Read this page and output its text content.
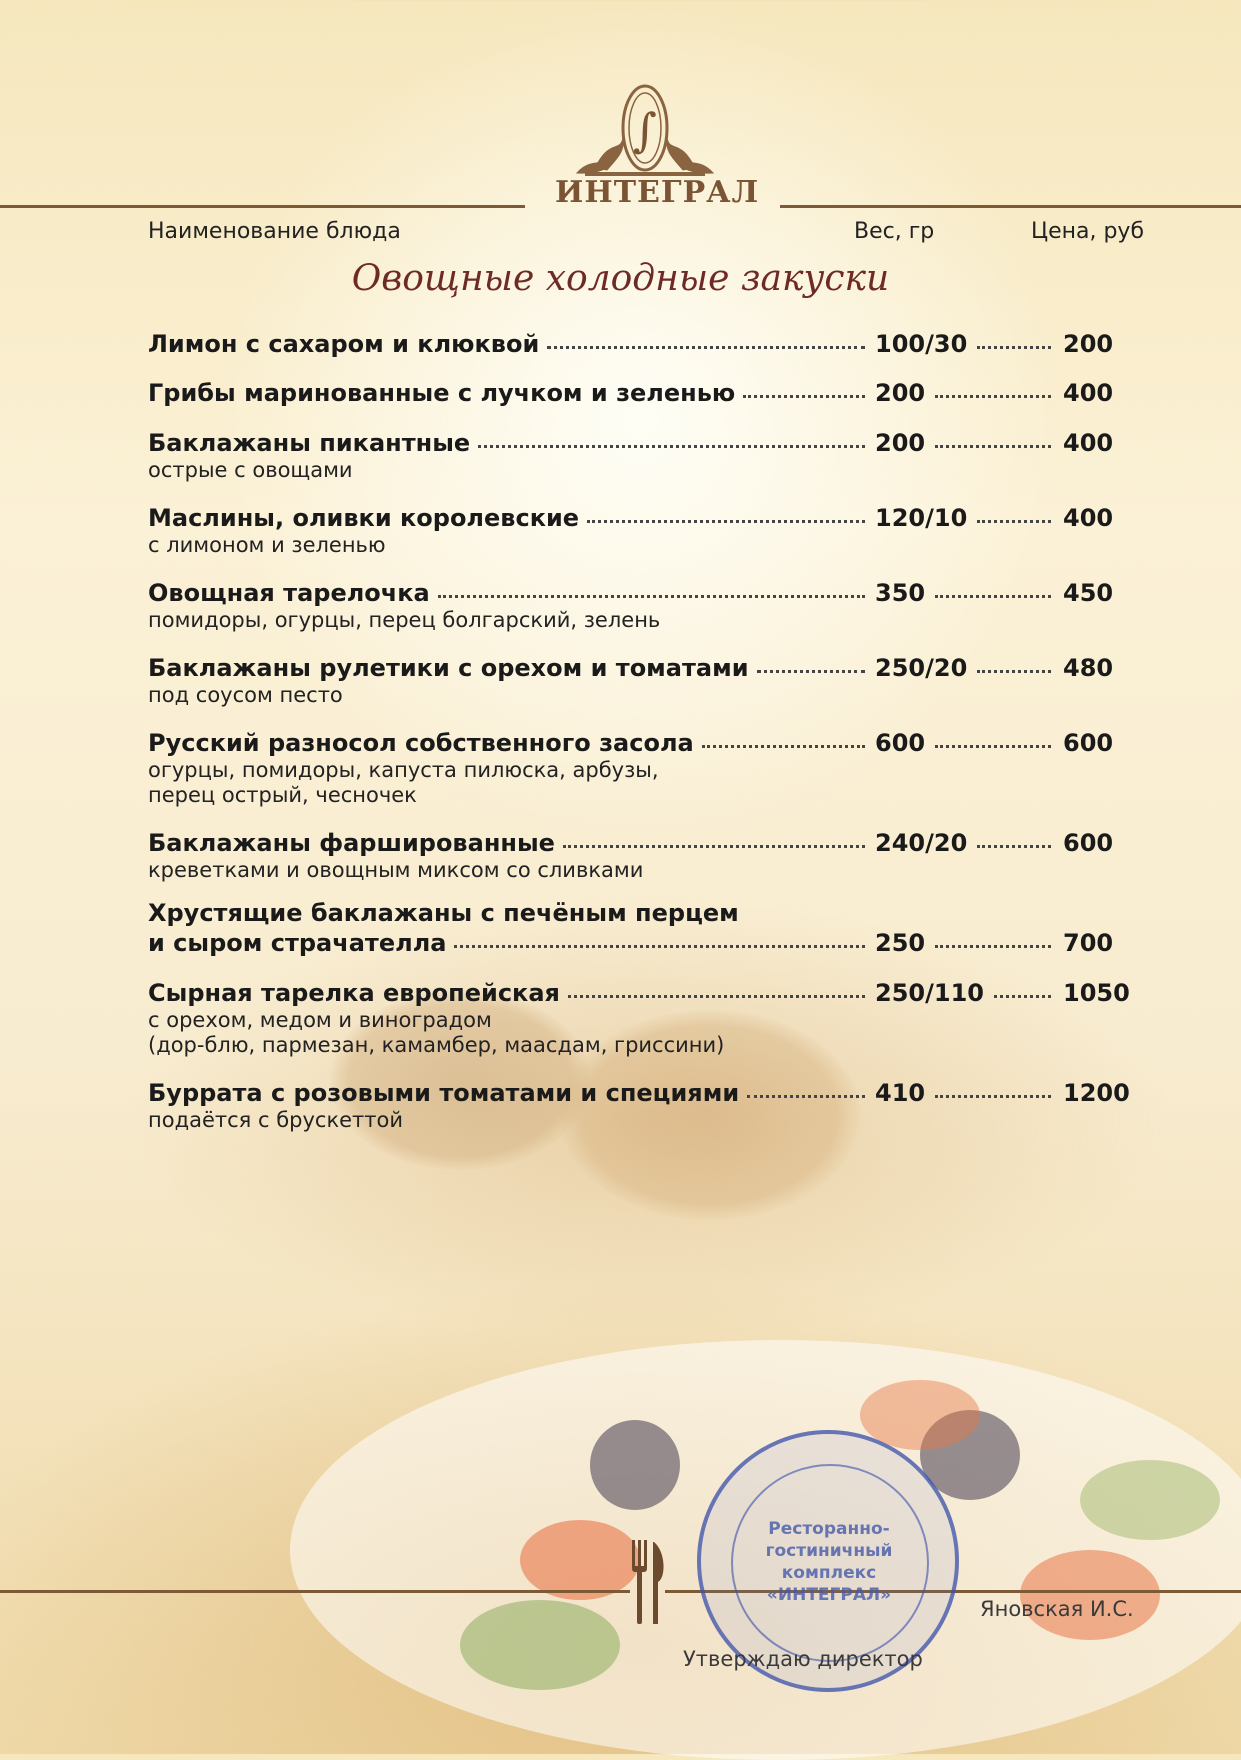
∫
ИНТЕГРАЛ
Наименование блюда	Вес, гр	Цена, руб
Овощные холодные закуски
Лимон с сахаром и клюквой	100/30	200
Грибы маринованные с лучком и зеленью	200	400
Баклажаны пикантные	200	400
острые с овощами
Маслины, оливки королевские	120/10	400
с лимоном и зеленью
Овощная тарелочка	350	450
помидоры, огурцы, перец болгарский, зелень
Баклажаны рулетики с орехом и томатами	250/20	480
под соусом песто
Русский разносол собственного засола	600	600
огурцы, помидоры, капуста пилюска, арбузы,
перец острый, чесночек
Баклажаны фаршированные	240/20	600
креветками и овощным миксом со сливками
Хрустящие баклажаны с печёным перцем
и сыром страчателла	250	700
Сырная тарелка европейская	250/110	1050
с орехом, медом и виноградом
(дор-блю, пармезан, камамбер, маасдам, гриссини)
Буррата с розовыми томатами и специями	410	1200
подаётся с брускеттой
Ресторанно-
гостиничный
комплекс
«ИНТЕГРАЛ»
Утверждаю директор
Яновская И.С.
